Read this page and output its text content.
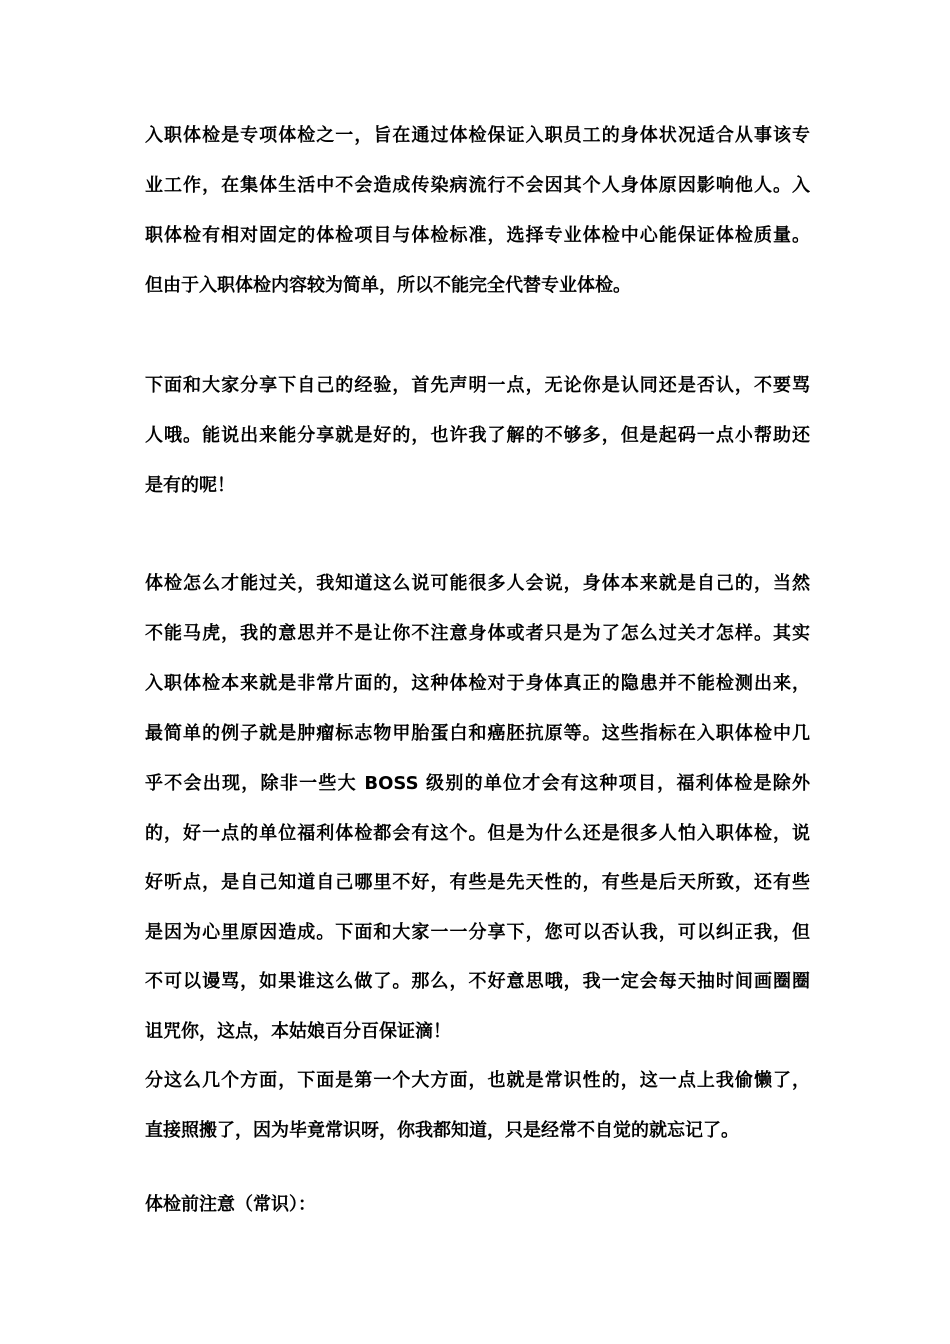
入职体检是专项体检之一，旨在通过体检保证入职员工的身体状况适合从事该专
业工作，在集体生活中不会造成传染病流行不会因其个人身体原因影响他人。入
职体检有相对固定的体检项目与体检标准，选择专业体检中心能保证体检质量。
但由于入职体检内容较为简单，所以不能完全代替专业体检。
下面和大家分享下自己的经验，首先声明一点，无论你是认同还是否认，不要骂
人哦。能说出来能分享就是好的，也许我了解的不够多，但是起码一点小帮助还
是有的呢！
体检怎么才能过关，我知道这么说可能很多人会说，身体本来就是自己的，当然
不能马虎，我的意思并不是让你不注意身体或者只是为了怎么过关才怎样。其实
入职体检本来就是非常片面的，这种体检对于身体真正的隐患并不能检测出来，
最简单的例子就是肿瘤标志物甲胎蛋白和癌胚抗原等。这些指标在入职体检中几
乎不会出现，除非一些大 BOSS 级别的单位才会有这种项目，福利体检是除外
的，好一点的单位福利体检都会有这个。但是为什么还是很多人怕入职体检，说
好听点，是自己知道自己哪里不好，有些是先天性的，有些是后天所致，还有些
是因为心里原因造成。下面和大家一一分享下，您可以否认我，可以纠正我，但
不可以谩骂，如果谁这么做了。那么，不好意思哦，我一定会每天抽时间画圈圈
诅咒你，这点，本姑娘百分百保证滴！
分这么几个方面，下面是第一个大方面，也就是常识性的，这一点上我偷懒了，
直接照搬了，因为毕竟常识呀，你我都知道，只是经常不自觉的就忘记了。
体检前注意（常识）：
